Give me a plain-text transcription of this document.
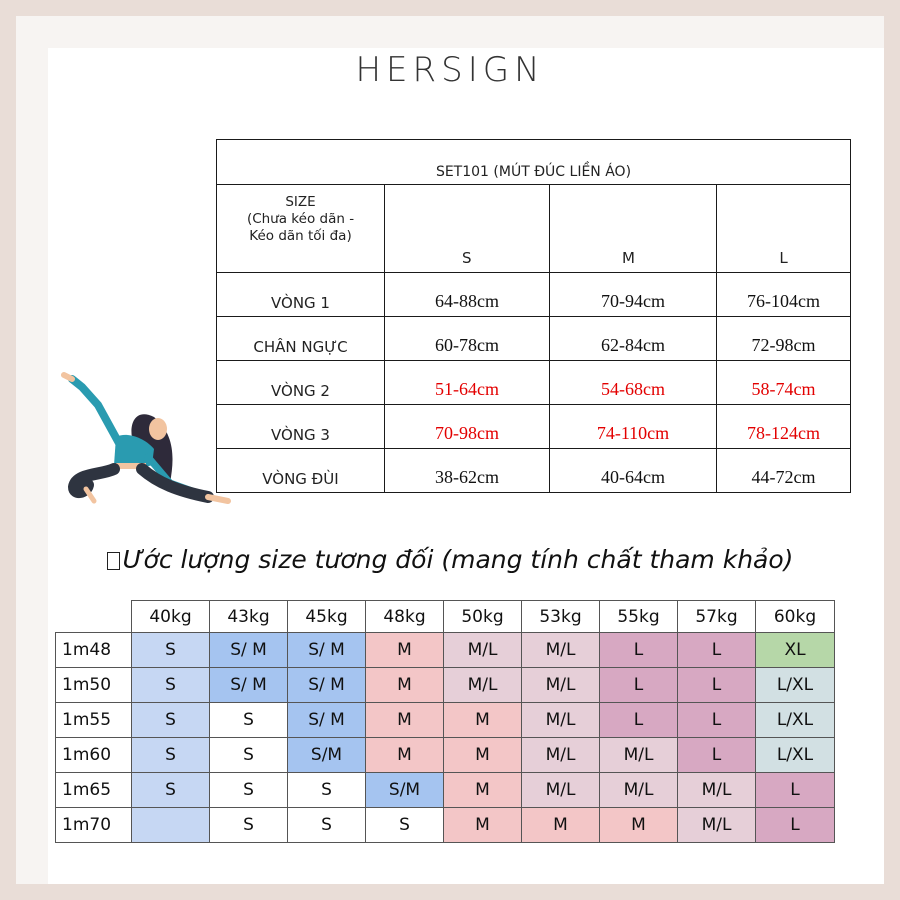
HERSIGN
SET101 (MÚT ĐÚC LIỀN ÁO)			

SIZE
(Chưa kéo dãn -
Kéo dãn tối đa)	S	M	L
VÒNG 1	64-88cm	70-94cm	76-104cm
CHÂN NGỰC	60-78cm	62-84cm	72-98cm
VÒNG 2	51-64cm	54-68cm	58-74cm
VÒNG 3	70-98cm	74-110cm	78-124cm
VÒNG ĐÙI	38-62cm	40-64cm	44-72cm
Ước lượng size tương đối (mang tính chất tham khảo)
	40kg	43kg	45kg	48kg	50kg	53kg	55kg	57kg	60kg
1m48	S	S/ M	S/ M	M	M/L	M/L	L	L	XL
1m50	S	S/ M	S/ M	M	M/L	M/L	L	L	L/XL
1m55	S	S	S/ M	M	M	M/L	L	L	L/XL
1m60	S	S	S/M	M	M	M/L	M/L	L	L/XL
1m65	S	S	S	S/M	M	M/L	M/L	M/L	L
1m70		S	S	S	M	M	M	M/L	L
